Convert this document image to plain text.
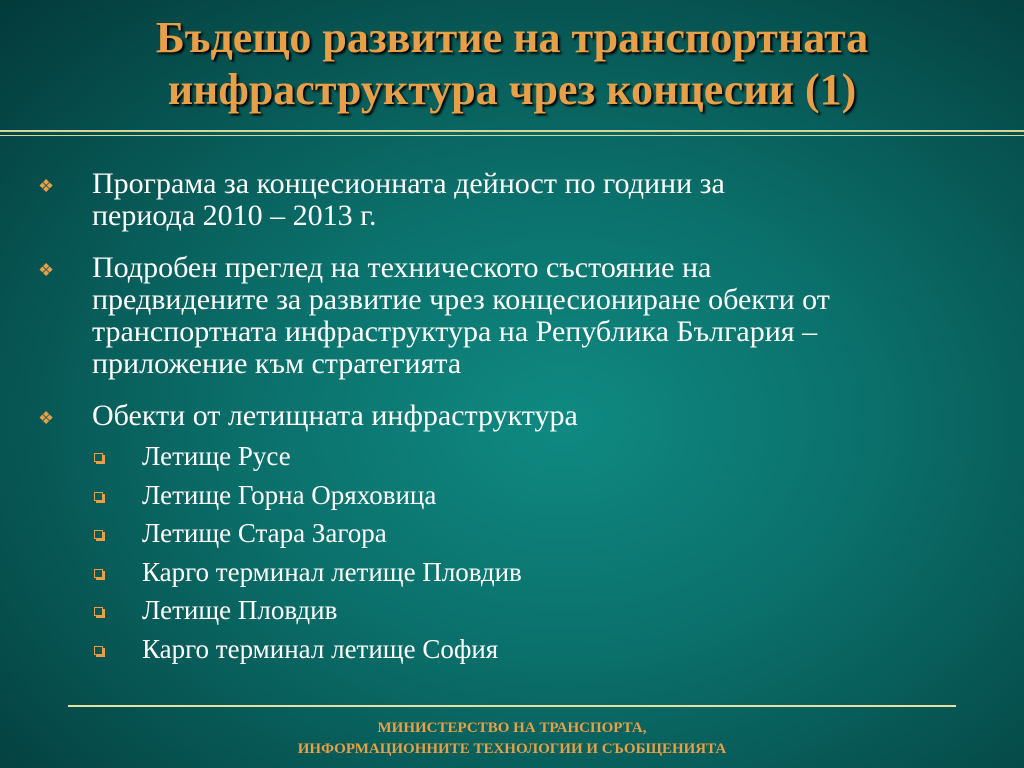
Бъдещо развитие на транспортната
инфраструктура чрез концесии (1)
❖ Програма за концесионната дейност по години за
периода 2010 – 2013 г.
❖ Подробен преглед на техническото състояние на
предвидените за развитие чрез концесиониране обекти от
транспортната инфраструктура на Република България –
приложение към стратегията
❖ Обекти от летищната инфраструктура
Летище Русе
Летище Горна Оряховица
Летище Стара Загора
Карго терминал летище Пловдив
Летище Пловдив
Карго терминал летище София
МИНИСТЕРСТВО НА ТРАНСПОРТА,
ИНФОРМАЦИОННИТЕ ТЕХНОЛОГИИ И СЪОБЩЕНИЯТА
